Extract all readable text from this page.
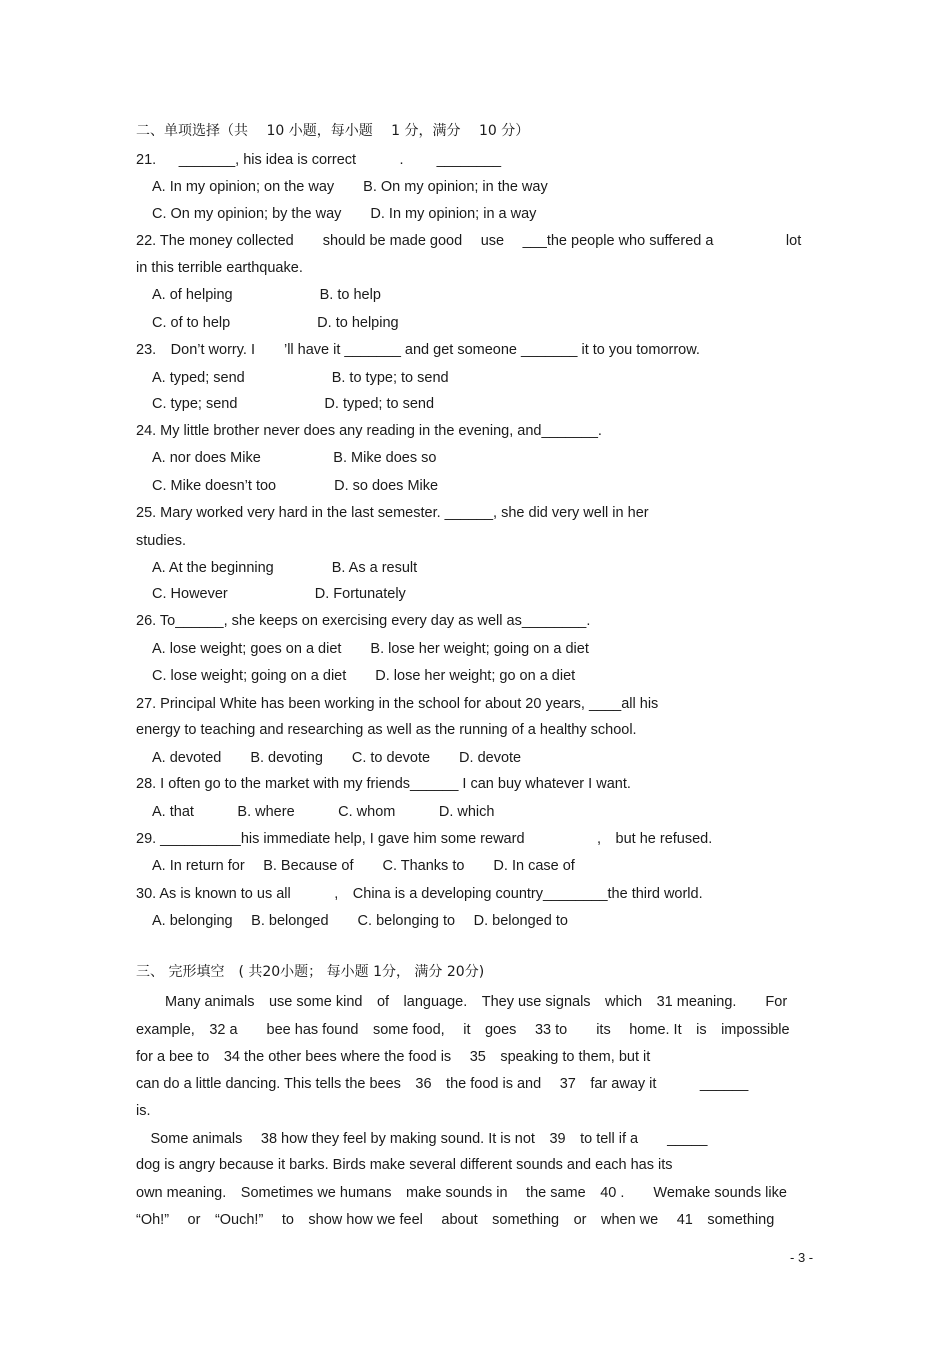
二、单项选择（共　 10 小题，每小题　 1 分，满分　 10 分）
21.　  _______, his idea is correct　　　.　　 ________
A. In my opinion; on the way　　B. On my opinion; in the way
C. On my opinion; by the way　　D. In my opinion; in a way
22. The money collected　　should be made good　 use　 ___the people who suffered a　　　　　lot
in this terrible earthquake.
A. of helping　　　　　　B. to help
C. of to help　　　　　　D. to helping
23.　Don’t worry. I　　’ll have it _______ and get someone _______ it to you tomorrow.
A. typed; send　　　　　　B. to type; to send
C. type; send　　　　　　D. typed; to send
24. My little brother never does any reading in the evening, and_______.
A. nor does Mike　　　　　B. Mike does so
C. Mike doesn’t too　　　　D. so does Mike
25. Mary worked very hard in the last semester. ______, she did very well in her
studies.
A. At the beginning　　　　B. As a result
C. However　　　　　　D. Fortunately
26. To______, she keeps on exercising every day as well as________.
A. lose weight; goes on a diet　　B. lose her weight; going on a diet
C. lose weight; going on a diet　　D. lose her weight; go on a diet
27. Principal White has been working in the school for about 20 years, ____all his
energy to teaching and researching as well as the running of a healthy school.
A. devoted　　B. devoting　　C. to devote　　D. devote
28. I often go to the market with my friends______ I can buy whatever I want.
A. that　　　B. where　　　C. whom　　　D. which
29. __________his immediate help, I gave him some reward　　　　　,　but he refused.
A. In return for　 B. Because of　　C. Thanks to　　D. In case of
30. As is known to us all　　　,　China is a developing country________the third world.
A. belonging　 B. belonged　　C. belonging to　 D. belonged to
三、 完形填空　( 共20小题； 每小题 1分， 满分 20分)
　　Many animals　use some kind　of　language.　They use signals　which　31 meaning.　　For
example,　32 a　　bee has found　some food,　 it　goes　 33 to　　its　 home. It　is　impossible
for a bee to　34 the other bees where the food is　 35　speaking to them, but it
can do a little dancing. This tells the bees　36　the food is and　 37　far away it　　　______
is.
　Some animals　 38 how they feel by making sound. It is not　39　to tell if a　　_____
dog is angry because it barks. Birds make several different sounds and each has its
own meaning.　Sometimes we humans　make sounds in　 the same　40 .　　Wemake sounds like
“Oh!”　 or　“Ouch!”　 to　show how we feel　 about　something　or　when we　 41　something
- 3 -
